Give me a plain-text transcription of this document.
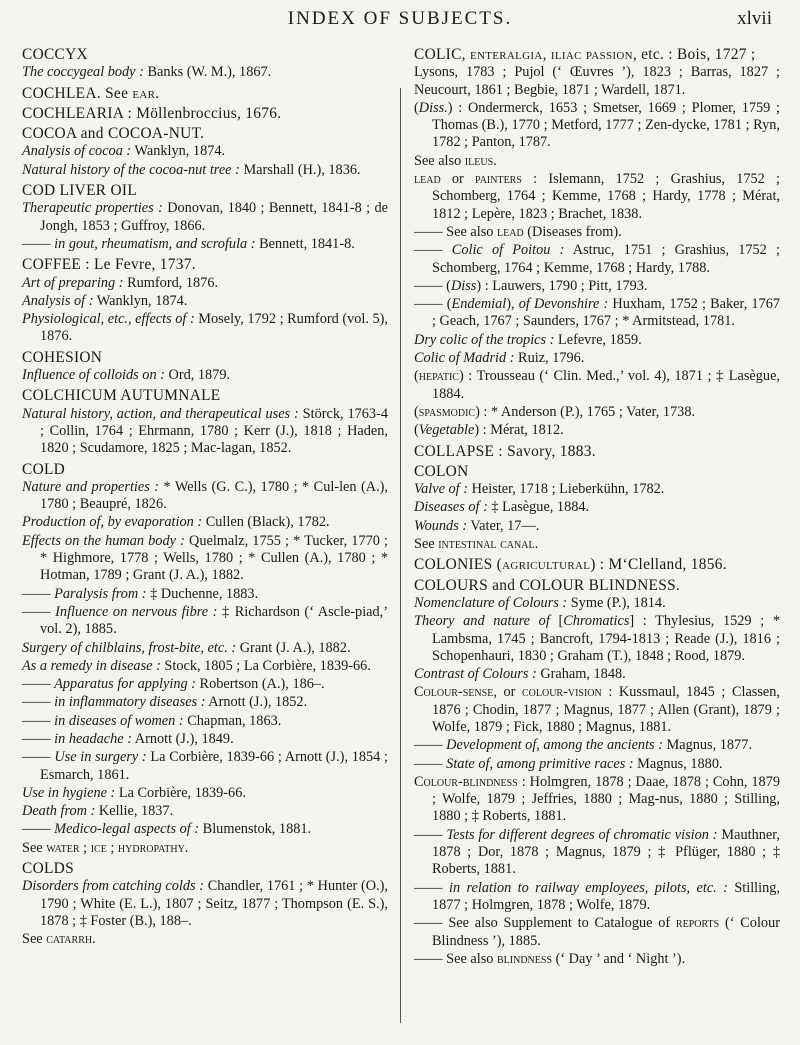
INDEX OF SUBJECTS.	xlvii
COCCYX
The coccygeal body : Banks (W. M.), 1867.
COCHLEA. See ear.
COCHLEARIA : Möllenbroccius, 1676.
COCOA and COCOA-NUT.
Analysis of cocoa : Wanklyn, 1874.
Natural history of the cocoa-nut tree : Marshall (H.), 1836.
COD LIVER OIL
Therapeutic properties : Donovan, 1840 ; Bennett, 1841-8 ; de Jongh, 1853 ; Guffroy, 1866.
—— in gout, rheumatism, and scrofula : Bennett, 1841-8.
COFFEE : Le Fevre, 1737.
Art of preparing : Rumford, 1876.
Analysis of : Wanklyn, 1874.
Physiological, etc., effects of : Mosely, 1792 ; Rumford (vol. 5), 1876.
COHESION
Influence of colloids on : Ord, 1879.
COLCHICUM AUTUMNALE
Natural history, action, and therapeutical uses : Störck, 1763-4 ; Collin, 1764 ; Ehrmann, 1780 ; Kerr (J.), 1818 ; Haden, 1820 ; Scudamore, 1825 ; Mac-lagan, 1852.
COLD
Nature and properties : * Wells (G. C.), 1780 ; * Cul-len (A.), 1780 ; Beaupré, 1826.
Production of, by evaporation : Cullen (Black), 1782.
Effects on the human body : Quelmalz, 1755 ; * Tucker, 1770 ; * Highmore, 1778 ; Wells, 1780 ; * Cullen (A.), 1780 ; * Hotman, 1789 ; Grant (J. A.), 1882.
—— Paralysis from : ‡ Duchenne, 1883.
—— Influence on nervous fibre : ‡ Richardson (‘ Ascle-piad,’ vol. 2), 1885.
Surgery of chilblains, frost-bite, etc. : Grant (J. A.), 1882.
As a remedy in disease : Stock, 1805 ; La Corbière, 1839-66.
—— Apparatus for applying : Robertson (A.), 186–.
—— in inflammatory diseases : Arnott (J.), 1852.
—— in diseases of women : Chapman, 1863.
—— in headache : Arnott (J.), 1849.
—— Use in surgery : La Corbière, 1839-66 ; Arnott (J.), 1854 ; Esmarch, 1861.
Use in hygiene : La Corbière, 1839-66.
Death from : Kellie, 1837.
—— Medico-legal aspects of : Blumenstok, 1881.
See water ; ice ; hydropathy.
COLDS
Disorders from catching colds : Chandler, 1761 ; * Hunter (O.), 1790 ; White (E. L.), 1807 ; Seitz, 1877 ; Thompson (E. S.), 1878 ; ‡ Foster (B.), 188–.
See catarrh.
COLIC, enteralgia, iliac passion, etc. : Bois, 1727 ;
Lysons, 1783 ; Pujol (‘ Œuvres ’), 1823 ; Barras, 1827 ; Neucourt, 1861 ; Begbie, 1871 ; Wardell, 1871.
(Diss.) : Ondermerck, 1653 ; Smetser, 1669 ; Plomer, 1759 ; Thomas (B.), 1770 ; Metford, 1777 ; Zen-dycke, 1781 ; Ryn, 1782 ; Panton, 1787.
See also ileus.
lead or painters : Islemann, 1752 ; Grashius, 1752 ; Schomberg, 1764 ; Kemme, 1768 ; Hardy, 1778 ; Mérat, 1812 ; Lepère, 1823 ; Brachet, 1838.
—— See also lead (Diseases from).
—— Colic of Poitou : Astruc, 1751 ; Grashius, 1752 ; Schomberg, 1764 ; Kemme, 1768 ; Hardy, 1788.
—— (Diss) : Lauwers, 1790 ; Pitt, 1793.
—— (Endemial), of Devonshire : Huxham, 1752 ; Baker, 1767 ; Geach, 1767 ; Saunders, 1767 ; * Armitstead, 1781.
Dry colic of the tropics : Lefevre, 1859.
Colic of Madrid : Ruiz, 1796.
(hepatic) : Trousseau (‘ Clin. Med.,’ vol. 4), 1871 ; ‡ Lasègue, 1884.
(spasmodic) : * Anderson (P.), 1765 ; Vater, 1738.
(Vegetable) : Mérat, 1812.
COLLAPSE : Savory, 1883.
COLON
Valve of : Heister, 1718 ; Lieberkühn, 1782.
Diseases of : ‡ Lasègue, 1884.
Wounds : Vater, 17—.
See intestinal canal.
COLONIES (agricultural) : M‘Clelland, 1856.
COLOURS and COLOUR BLINDNESS.
Nomenclature of Colours : Syme (P.), 1814.
Theory and nature of [Chromatics] : Thylesius, 1529 ; * Lambsma, 1745 ; Bancroft, 1794-1813 ; Reade (J.), 1816 ; Schopenhauri, 1830 ; Graham (T.), 1848 ; Rood, 1879.
Contrast of Colours : Graham, 1848.
Colour-sense, or colour-vision : Kussmaul, 1845 ; Classen, 1876 ; Chodin, 1877 ; Magnus, 1877 ; Allen (Grant), 1879 ; Wolfe, 1879 ; Fick, 1880 ; Magnus, 1881.
—— Development of, among the ancients : Magnus, 1877.
—— State of, among primitive races : Magnus, 1880.
Colour-blindness : Holmgren, 1878 ; Daae, 1878 ; Cohn, 1879 ; Wolfe, 1879 ; Jeffries, 1880 ; Mag-nus, 1880 ; Stilling, 1880 ; ‡ Roberts, 1881.
—— Tests for different degrees of chromatic vision : Mauthner, 1878 ; Dor, 1878 ; Magnus, 1879 ; ‡ Pflüger, 1880 ; ‡ Roberts, 1881.
—— in relation to railway employees, pilots, etc. : Stilling, 1877 ; Holmgren, 1878 ; Wolfe, 1879.
—— See also Supplement to Catalogue of reports (‘ Colour Blindness ’), 1885.
—— See also blindness (‘ Day ’ and ‘ Night ’).
